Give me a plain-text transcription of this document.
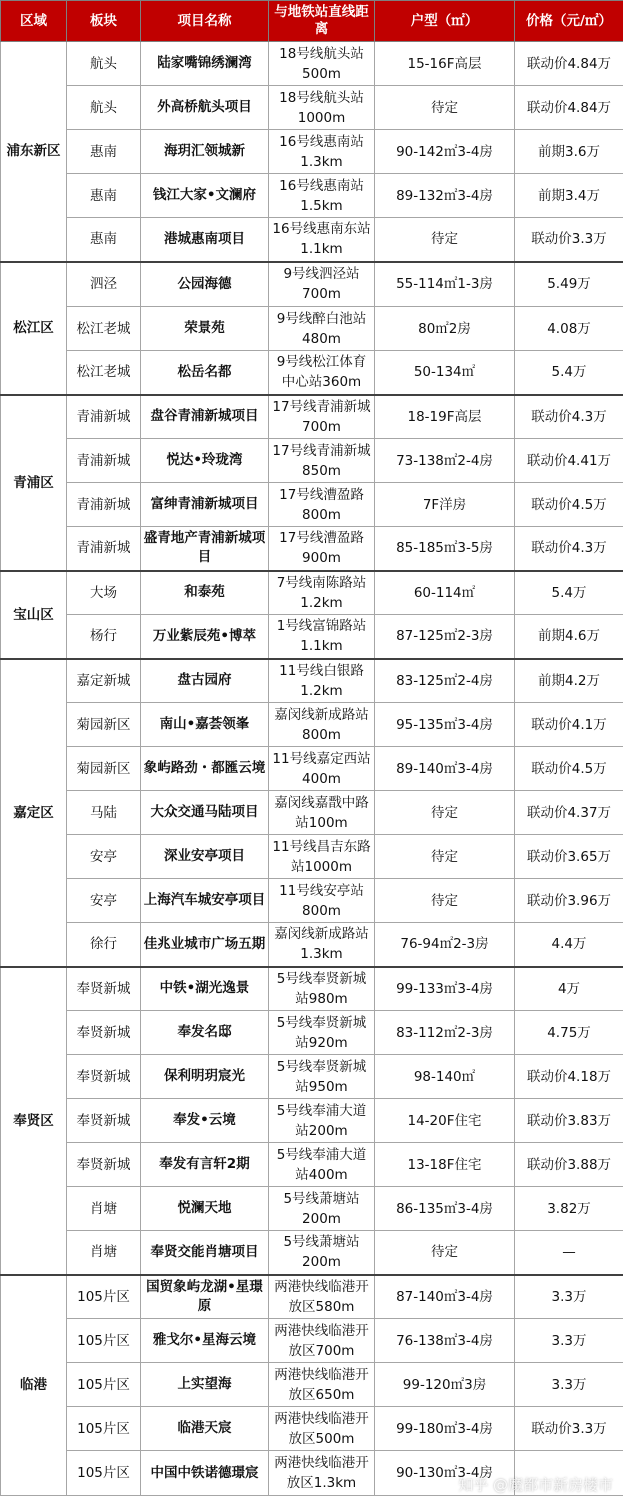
区域	板块	项目名称	与地铁站直线距离	户型（㎡）	价格（元/㎡）
浦东新区	航头	陆家嘴锦绣澜湾	18号线航头站500m	15-16F高层	联动价4.84万
	航头	外高桥航头项目	18号线航头站1000m	待定	联动价4.84万
	惠南	海玥汇领城新	16号线惠南站1.3km	90-142㎡3-4房	前期3.6万
	惠南	钱江大家•文澜府	16号线惠南站1.5km	89-132㎡3-4房	前期3.4万
	惠南	港城惠南项目	16号线惠南东站1.1km	待定	联动价3.3万
松江区	泗泾	公园海德	9号线泗泾站700m	55-114㎡1-3房	5.49万
	松江老城	荣景苑	9号线醉白池站480m	80㎡2房	4.08万
	松江老城	松岳名都	9号线松江体育中心站360m	50-134㎡	5.4万
青浦区	青浦新城	盘谷青浦新城项目	17号线青浦新城700m	18-19F高层	联动价4.3万
	青浦新城	悦达•玲珑湾	17号线青浦新城850m	73-138㎡2-4房	联动价4.41万
	青浦新城	富绅青浦新城项目	17号线漕盈路800m	7F洋房	联动价4.5万
	青浦新城	盛青地产青浦新城项目	17号线漕盈路900m	85-185㎡3-5房	联动价4.3万
宝山区	大场	和泰苑	7号线南陈路站1.2km	60-114㎡	5.4万
	杨行	万业紫辰苑•博萃	1号线富锦路站1.1km	87-125㎡2-3房	前期4.6万
嘉定区	嘉定新城	盘古园府	11号线白银路1.2km	83-125㎡2-4房	前期4.2万
	菊园新区	南山•嘉荟领峯	嘉闵线新成路站800m	95-135㎡3-4房	联动价4.1万
	菊园新区	象屿路劲・都匯云境	11号线嘉定西站400m	89-140㎡3-4房	联动价4.5万
	马陆	大众交通马陆项目	嘉闵线嘉戬中路站100m	待定	联动价4.37万
	安亭	深业安亭项目	11号线昌吉东路站1000m	待定	联动价3.65万
	安亭	上海汽车城安亭项目	11号线安亭站800m	待定	联动价3.96万
	徐行	佳兆业城市广场五期	嘉闵线新成路站1.3km	76-94㎡2-3房	4.4万
奉贤区	奉贤新城	中铁•湖光逸景	5号线奉贤新城站980m	99-133㎡3-4房	4万
	奉贤新城	奉发名邸	5号线奉贤新城站920m	83-112㎡2-3房	4.75万
	奉贤新城	保利明玥宸光	5号线奉贤新城站950m	98-140㎡	联动价4.18万
	奉贤新城	奉发•云境	5号线奉浦大道站200m	14-20F住宅	联动价3.83万
	奉贤新城	奉发有言轩2期	5号线奉浦大道站400m	13-18F住宅	联动价3.88万
	肖塘	悦澜天地	5号线萧塘站200m	86-135㎡3-4房	3.82万
	肖塘	奉贤交能肖塘项目	5号线萧塘站200m	待定	—
临港	105片区	国贸象屿龙湖•星璟原	两港快线临港开放区580m	87-140㎡3-4房	3.3万
	105片区	雅戈尔•星海云境	两港快线临港开放区700m	76-138㎡3-4房	3.3万
	105片区	上实望海	两港快线临港开放区650m	99-120㎡3房	3.3万
	105片区	临港天宸	两港快线临港开放区500m	99-180㎡3-4房	联动价3.3万
	105片区	中国中铁诺德璟宸	两港快线临港开放区1.3km	90-130㎡3-4房	
知乎 @魔都市新房楼市
